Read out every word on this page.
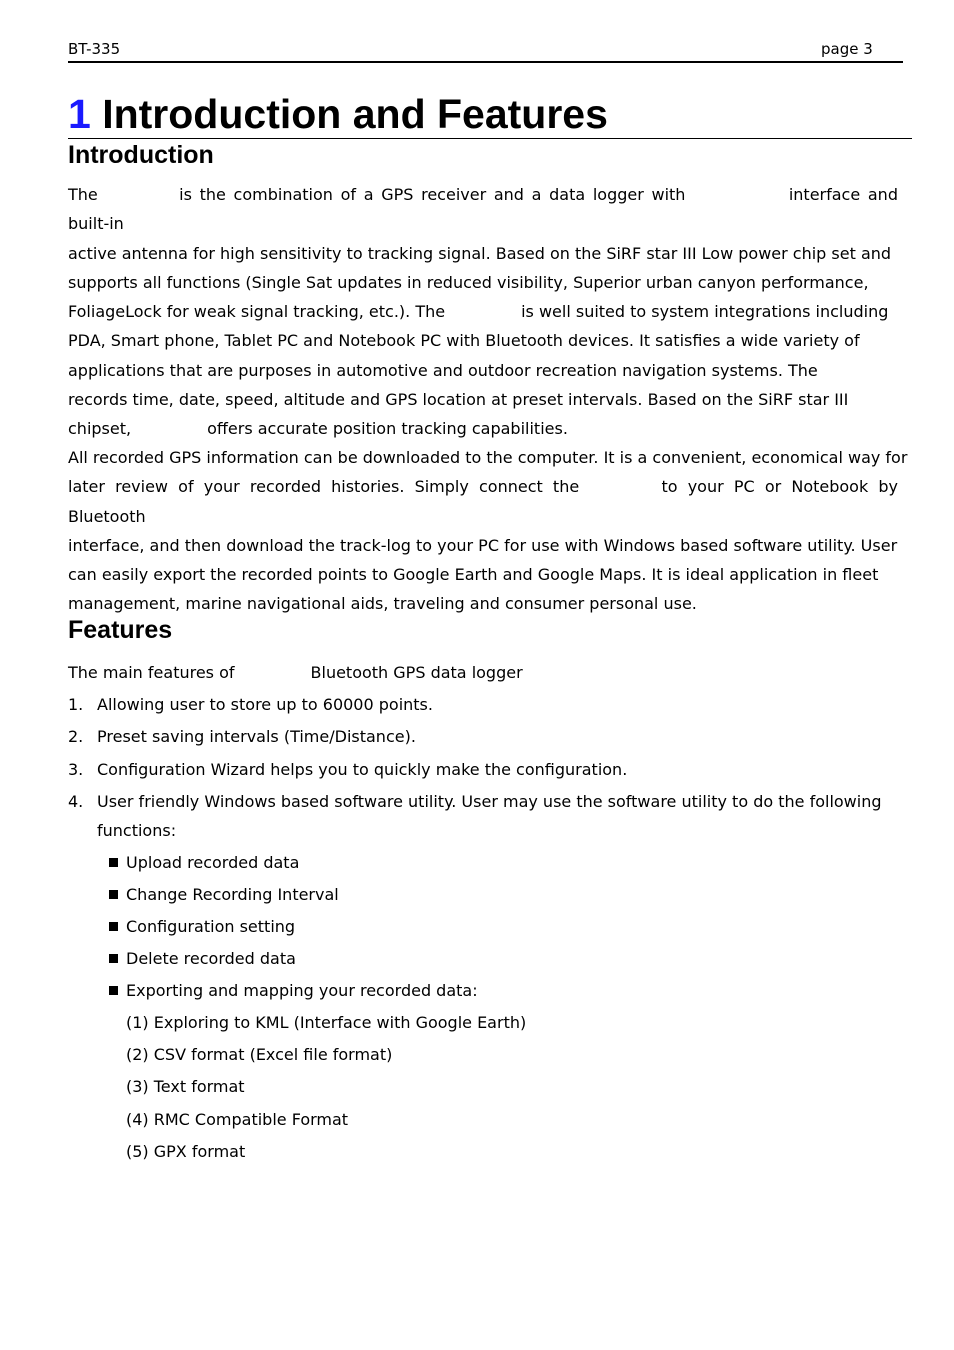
BT-335	page 3
1 Introduction and Features
Introduction
The	is the combination of a GPS receiver and a data logger with	interface and built-in
active antenna for high sensitivity to tracking signal. Based on the SiRF star III Low power chip set and
supports all functions (Single Sat updates in reduced visibility, Superior urban canyon performance,
FoliageLock for weak signal tracking, etc.). The	is well suited to system integrations including
PDA, Smart phone, Tablet PC and Notebook PC with Bluetooth devices. It satisfies a wide variety of
applications that are purposes in automotive and outdoor recreation navigation systems. The
records time, date, speed, altitude and GPS location at preset intervals. Based on the SiRF star III
chipset,	offers accurate position tracking capabilities.
All recorded GPS information can be downloaded to the computer. It is a convenient, economical way for
later review of your recorded histories. Simply connect the	to your PC or Notebook by Bluetooth
interface, and then download the track-log to your PC for use with Windows based software utility. User
can easily export the recorded points to Google Earth and Google Maps. It is ideal application in fleet
management, marine navigational aids, traveling and consumer personal use.
Features
The main features of	Bluetooth GPS data logger
1. Allowing user to store up to 60000 points.
2. Preset saving intervals (Time/Distance).
3. Configuration Wizard helps you to quickly make the configuration.
4. User friendly Windows based software utility. User may use the software utility to do the following functions:
Upload recorded data
Change Recording Interval
Configuration setting
Delete recorded data
Exporting and mapping your recorded data:
(1) Exploring to KML (Interface with Google Earth)
(2) CSV format (Excel file format)
(3) Text format
(4) RMC Compatible Format
(5) GPX format
